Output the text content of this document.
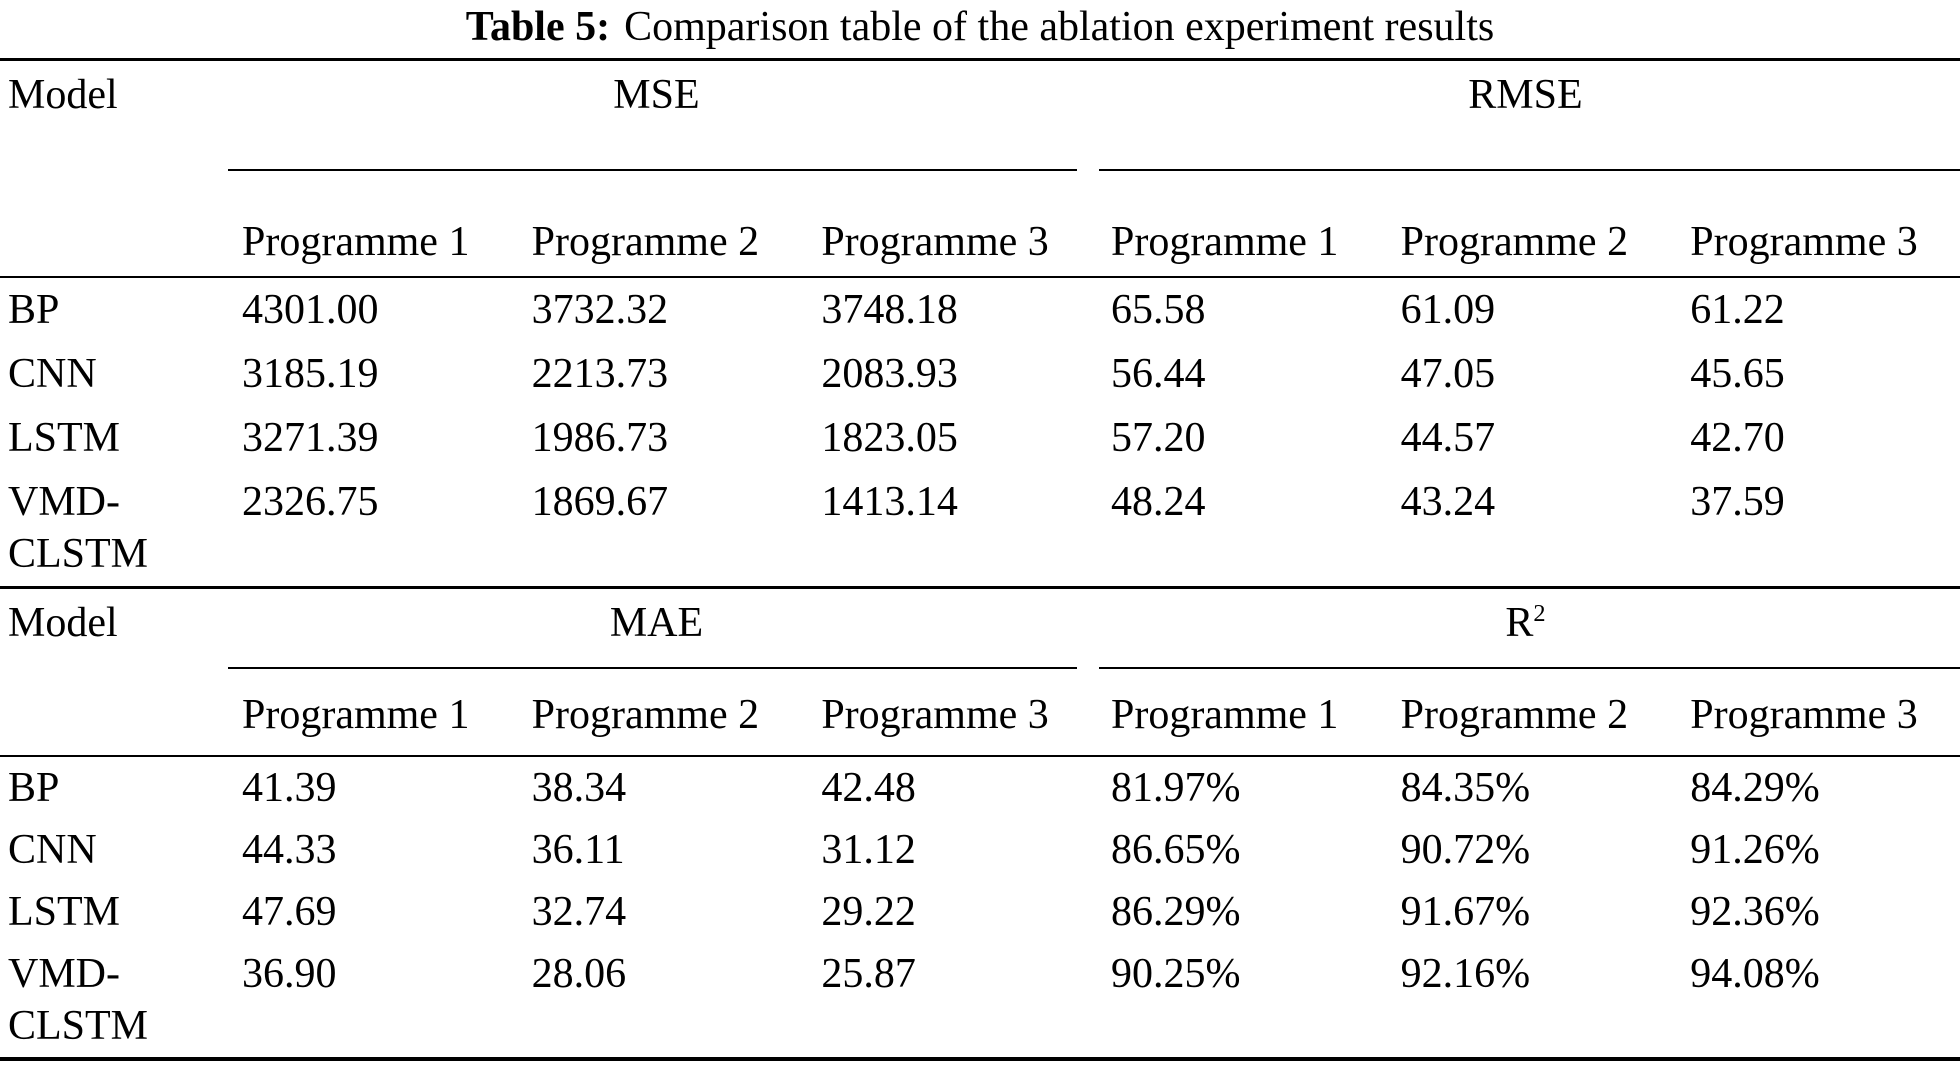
Table 5: Comparison table of the ablation experiment results
Model	MSE			RMSE		

	Programme 1	Programme 2	Programme 3	Programme 1	Programme 2	Programme 3
BP	4301.00	3732.32	3748.18	65.58	61.09	61.22
CNN	3185.19	2213.73	2083.93	56.44	47.05	45.65
LSTM	3271.39	1986.73	1823.05	57.20	44.57	42.70
VMD-CLSTM	2326.75	1869.67	1413.14	48.24	43.24	37.59
Model	MAE			$R^2$

	Programme 1	Programme 2	Programme 3	Programme 1	Programme 2	Programme 3
BP	41.39	38.34	42.48	81.97%	84.35%	84.29%
CNN	44.33	36.11	31.12	86.65%	90.72%	91.26%
LSTM	47.69	32.74	29.22	86.29%	91.67%	92.36%
VMD-CLSTM	36.90	28.06	25.87	90.25%	92.16%	94.08%
